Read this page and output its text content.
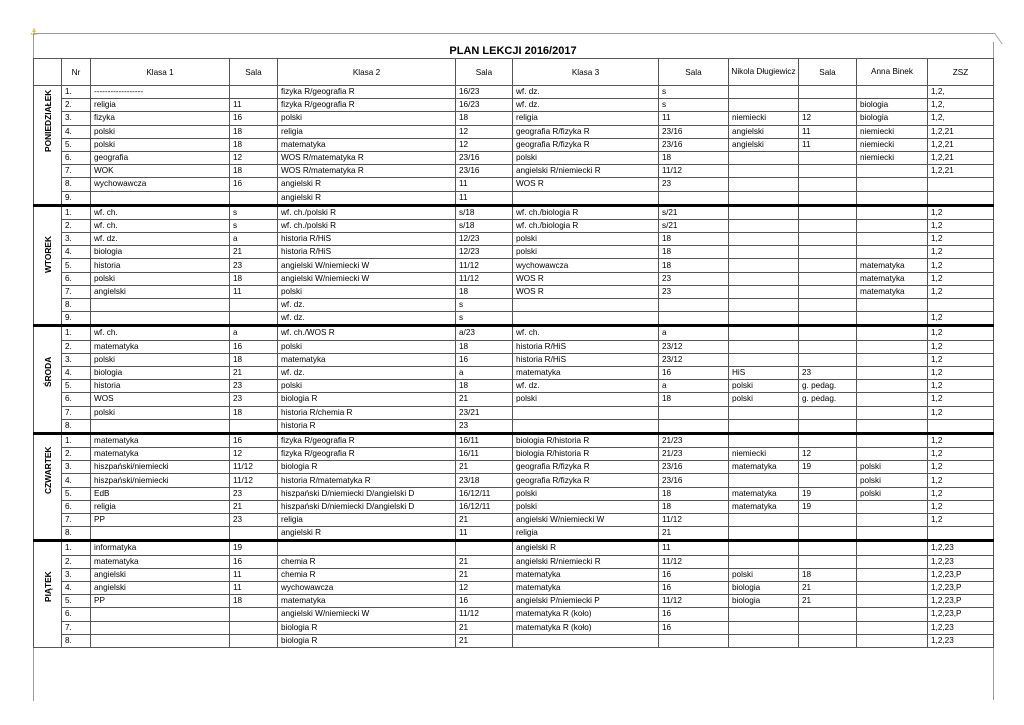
⚓
PLAN LEKCJI 2016/2017
	Nr	Klasa 1	Sala	Klasa 2	Sala	Klasa 3	Sala	Nikola Długiewicz	Sala	Anna Binek	ZSZ

PONIEDZIAŁEK	1.	------------------		fizyka R/geografia R	16/23	wf. dz.	s				1,2,
	2.	religia	11	fizyka R/geografia R	16/23	wf. dz.	s			biologia	1,2,
	3.	fizyka	16	polski	18	religia	11	niemiecki	12	biologia	1,2,
	4.	polski	18	religia	12	geografia R/fizyka R	23/16	angielski	11	niemiecki	1,2,21
	5.	polski	18	matematyka	12	geografia R/fizyka R	23/16	angielski	11	niemiecki	1,2,21
	6.	geografia	12	WOS R/matematyka R	23/16	polski	18			niemiecki	1,2,21
	7.	WOK	18	WOS R/matematyka R	23/16	angielski R/niemiecki R	11/12				1,2,21
	8.	wychowawcza	16	angielski R	11	WOS R	23				
	9.			angielski R	11						

WTOREK	1.	wf. ch.	s	wf. ch./polski R	s/18	wf. ch./biologia R	s/21				1,2
	2.	wf. ch.	s	wf. ch./polski R	s/18	wf. ch./biologia R	s/21				1,2
	3.	wf. dz.	a	historia R/HiS	12/23	polski	18				1,2
	4.	biologia	21	historia R/HiS	12/23	polski	18				1,2
	5.	historia	23	angielski W/niemiecki W	11/12	wychowawcza	18			matematyka	1,2
	6.	polski	18	angielski W/niemiecki W	11/12	WOS R	23			matematyka	1,2
	7.	angielski	11	polski	18	WOS R	23			matematyka	1,2
	8.			wf. dz.	s						
	9.			wf. dz.	s						1,2

ŚRODA	1.	wf. ch.	a	wf. ch./WOS R	a/23	wf. ch.	a				1,2
	2.	matematyka	16	polski	18	historia R/HiS	23/12				1,2
	3.	polski	18	matematyka	16	historia R/HiS	23/12				1,2
	4.	biologia	21	wf. dz.	a	matematyka	16	HiS	23		1,2
	5.	historia	23	polski	18	wf. dz.	a	polski	g. pedag.		1,2
	6.	WOS	23	biologia R	21	polski	18	polski	g. pedag.		1,2
	7.	polski	18	historia R/chemia R	23/21						1,2
	8.			historia R	23						

CZWARTEK	1.	matematyka	16	fizyka R/geografia R	16/11	biologia R/historia R	21/23				1,2
	2.	matematyka	12	fizyka R/geografia R	16/11	biologia R/historia R	21/23	niemiecki	12		1,2
	3.	hiszpański/niemiecki	11/12	biologia R	21	geografia R/fizyka R	23/16	matematyka	19	polski	1,2
	4.	hiszpański/niemiecki	11/12	historia R/matematyka R	23/18	geografia R/fizyka R	23/16			polski	1,2
	5.	EdB	23	hiszpański D/niemiecki D/angielski D	16/12/11	polski	18	matematyka	19	polski	1,2
	6.	religia	21	hiszpański D/niemiecki D/angielski D	16/12/11	polski	18	matematyka	19		1,2
	7.	PP	23	religia	21	angielski W/niemiecki W	11/12				1,2
	8.			angielski R	11	religia	21				

PIĄTEK	1.	informatyka	19			angielski R	11				1,2,23
	2.	matematyka	16	chemia R	21	angielski R/niemiecki R	11/12				1,2,23
	3.	angielski	11	chemia R	21	matematyka	16	polski	18		1,2,23,P
	4.	angielski	11	wychowawcza	12	matematyka	16	biologia	21		1,2,23,P
	5.	PP	18	matematyka	16	angielski P/niemiecki P	11/12	biologia	21		1,2,23,P
	6.			angielski W/niemiecki W	11/12	matematyka R (koło)	16				1,2,23,P
	7.			biologia R	21	matematyka R (koło)	16				1,2,23
	8.			biologia R	21						1,2,23
